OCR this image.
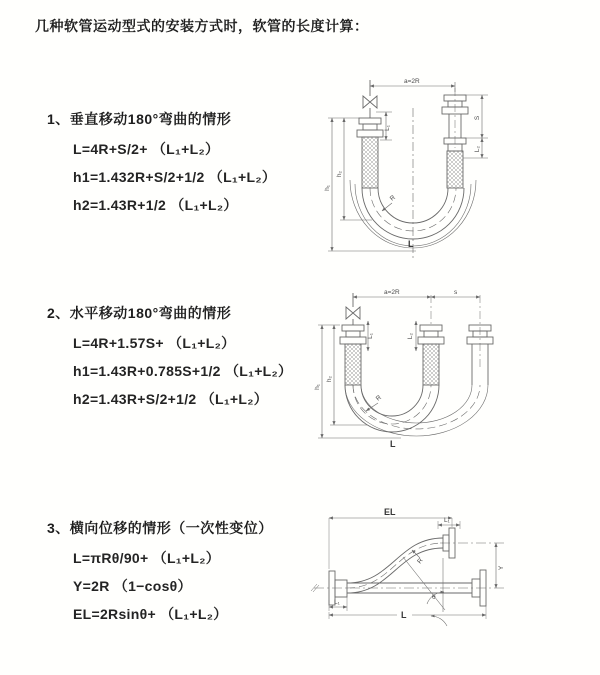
几种软管运动型式的安装方式时，软管的长度计算：
1、垂直移动180°弯曲的情形
L=4R+S/2+ （L₁+L₂）
h1=1.432R+S/2+1/2 （L₁+L₂）
h2=1.43R+1/2 （L₁+L₂）
2、水平移动180°弯曲的情形
L=4R+1.57S+ （L₁+L₂）
h1=1.43R+0.785S+1/2 （L₁+L₂）
h2=1.43R+S/2+1/2 （L₁+L₂）
3、横向位移的情形（一次性变位）
L=πRθ/90+ （L₁+L₂）
Y=2R （1−cosθ）
EL=2Rsinθ+ （L₁+L₂）
a=2R
L₁
S
L₂
h₁
h₂
R
L
a=2R	s
L₁	L₂
h₁
h₂
R
L
EL
L₁
Y
R
θ
L₁
L
